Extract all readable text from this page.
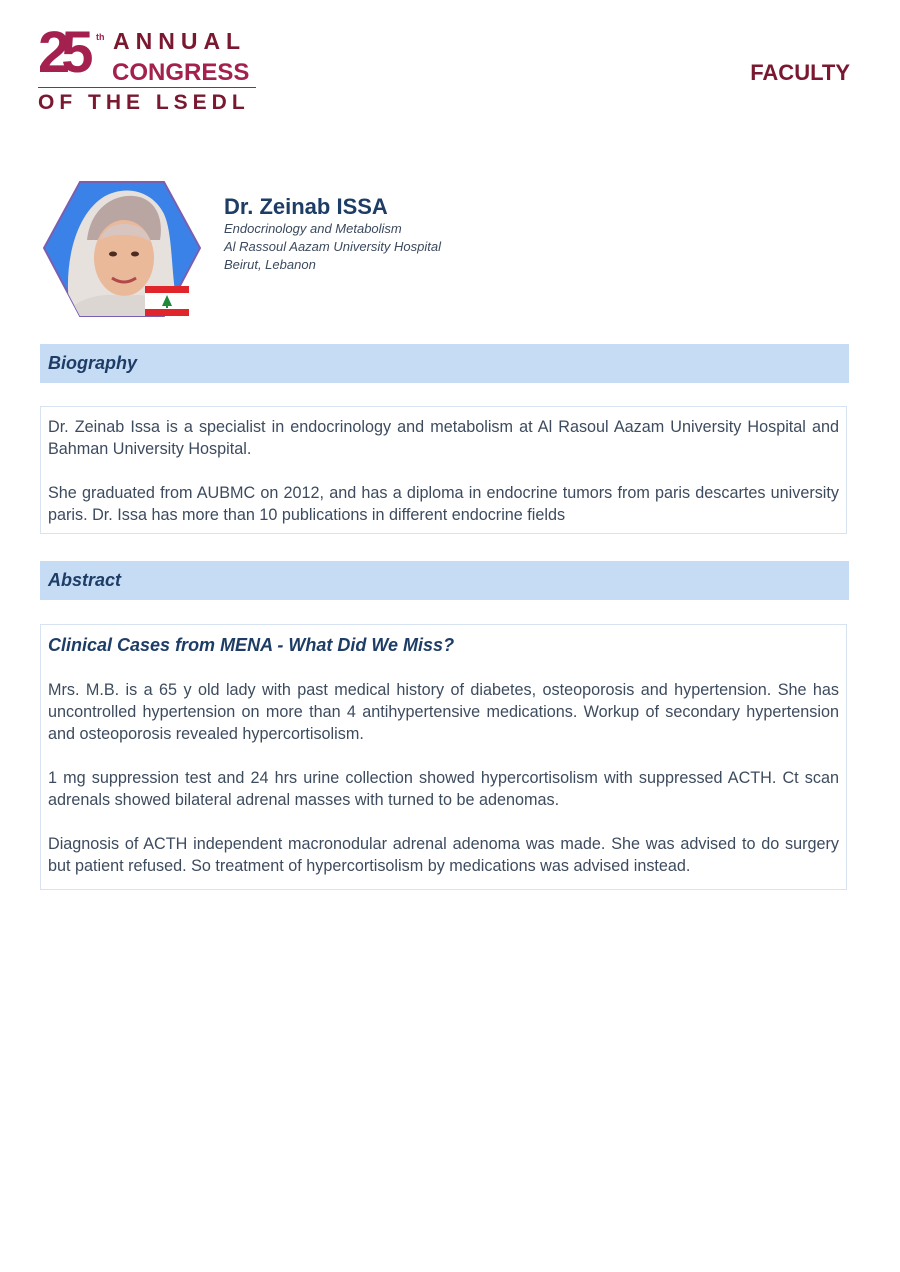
25 th ANNUAL
CONGRESS
OF THE LSEDL
FACULTY
Dr. Zeinab ISSA
Endocrinology and Metabolism
Al Rassoul Aazam University Hospital
Beirut, Lebanon
Biography

Dr. Zeinab Issa is a specialist in endocrinology and metabolism at Al Rasoul Aazam University Hospital and Bahman University Hospital.

She graduated from AUBMC on 2012, and has a diploma in endocrine tumors from paris descartes university paris. Dr. Issa has more than 10 publications in different endocrine fields

Abstract
Clinical Cases from MENA - What Did We Miss?

Mrs. M.B. is a 65 y old lady with past medical history of diabetes, osteoporosis and hypertension. She has uncontrolled hypertension on more than 4 antihypertensive medications. Workup of secondary hypertension and osteoporosis revealed hypercortisolism.

1 mg suppression test and 24 hrs urine collection showed hypercortisolism with suppressed ACTH. Ct scan adrenals showed bilateral adrenal masses with turned to be adenomas.

Diagnosis of ACTH independent macronodular adrenal adenoma was made. She was advised to do surgery but patient refused. So treatment of hypercortisolism by medications was advised instead.
